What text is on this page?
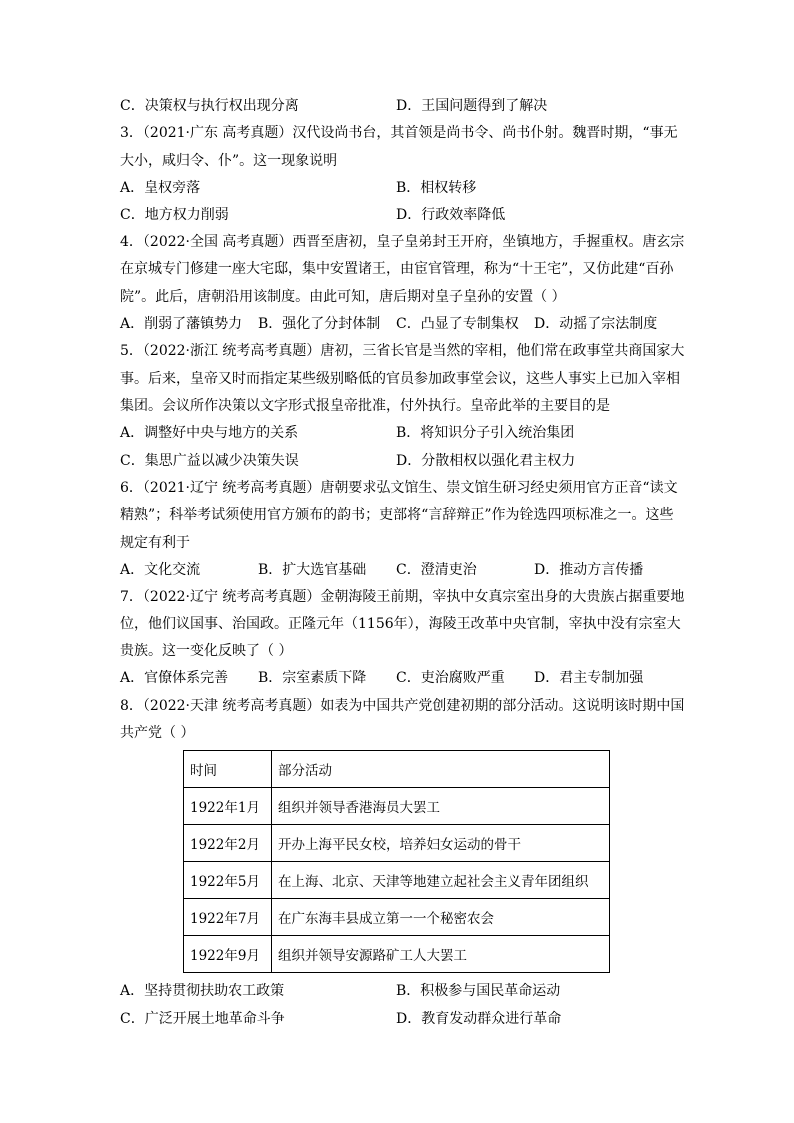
C．决策权与执行权出现分离	D．王国问题得到了解决
3．（2021·广东 高考真题）汉代设尚书台，其首领是尚书令、尚书仆射。魏晋时期，“事无
大小，咸归令、仆”。这一现象说明
A．皇权旁落	B．相权转移
C．地方权力削弱	D．行政效率降低
4．（2022·全国 高考真题）西晋至唐初，皇子皇弟封王开府，坐镇地方，手握重权。唐玄宗
在京城专门修建一座大宅邸，集中安置诸王，由宦官管理，称为“十王宅”，又仿此建“百孙
院”。此后，唐朝沿用该制度。由此可知，唐后期对皇子皇孙的安置（ ）
A．削弱了藩镇势力 B．强化了分封体制 C．凸显了专制集权 D．动摇了宗法制度
5．（2022·浙江 统考高考真题）唐初，三省长官是当然的宰相，他们常在政事堂共商国家大
事。后来，皇帝又时而指定某些级别略低的官员参加政事堂会议，这些人事实上已加入宰相
集团。会议所作决策以文字形式报皇帝批准，付外执行。皇帝此举的主要目的是
A．调整好中央与地方的关系	B．将知识分子引入统治集团
C．集思广益以减少决策失误	D．分散相权以强化君主权力
6．（2021·辽宁 统考高考真题）唐朝要求弘文馆生、崇文馆生研习经史须用官方正音“读文
精熟”；科举考试须使用官方颁布的韵书；吏部将“言辞辩正”作为铨选四项标准之一。这些
规定有利于
A．文化交流	B．扩大选官基础 C．澄清吏治	D．推动方言传播
7．（2022·辽宁 统考高考真题）金朝海陵王前期，宰执中女真宗室出身的大贵族占据重要地
位，他们议国事、治国政。正隆元年（1156年），海陵王改革中央官制，宰执中没有宗室大
贵族。这一变化反映了（ ）
A．官僚体系完善 B．宗室素质下降 C．吏治腐败严重 D．君主专制加强
8．（2022·天津 统考高考真题）如表为中国共产党创建初期的部分活动。这说明该时期中国
共产党（ ）
时间	部分活动
1922年1月	组织并领导香港海员大罢工
1922年2月	开办上海平民女校，培养妇女运动的骨干
1922年5月	在上海、北京、天津等地建立起社会主义青年团组织
1922年7月	在广东海丰县成立第一一个秘密农会
1922年9月	组织并领导安源路矿工人大罢工
A．坚持贯彻扶助农工政策	B．积极参与国民革命运动
C．广泛开展土地革命斗争	D．教育发动群众进行革命
